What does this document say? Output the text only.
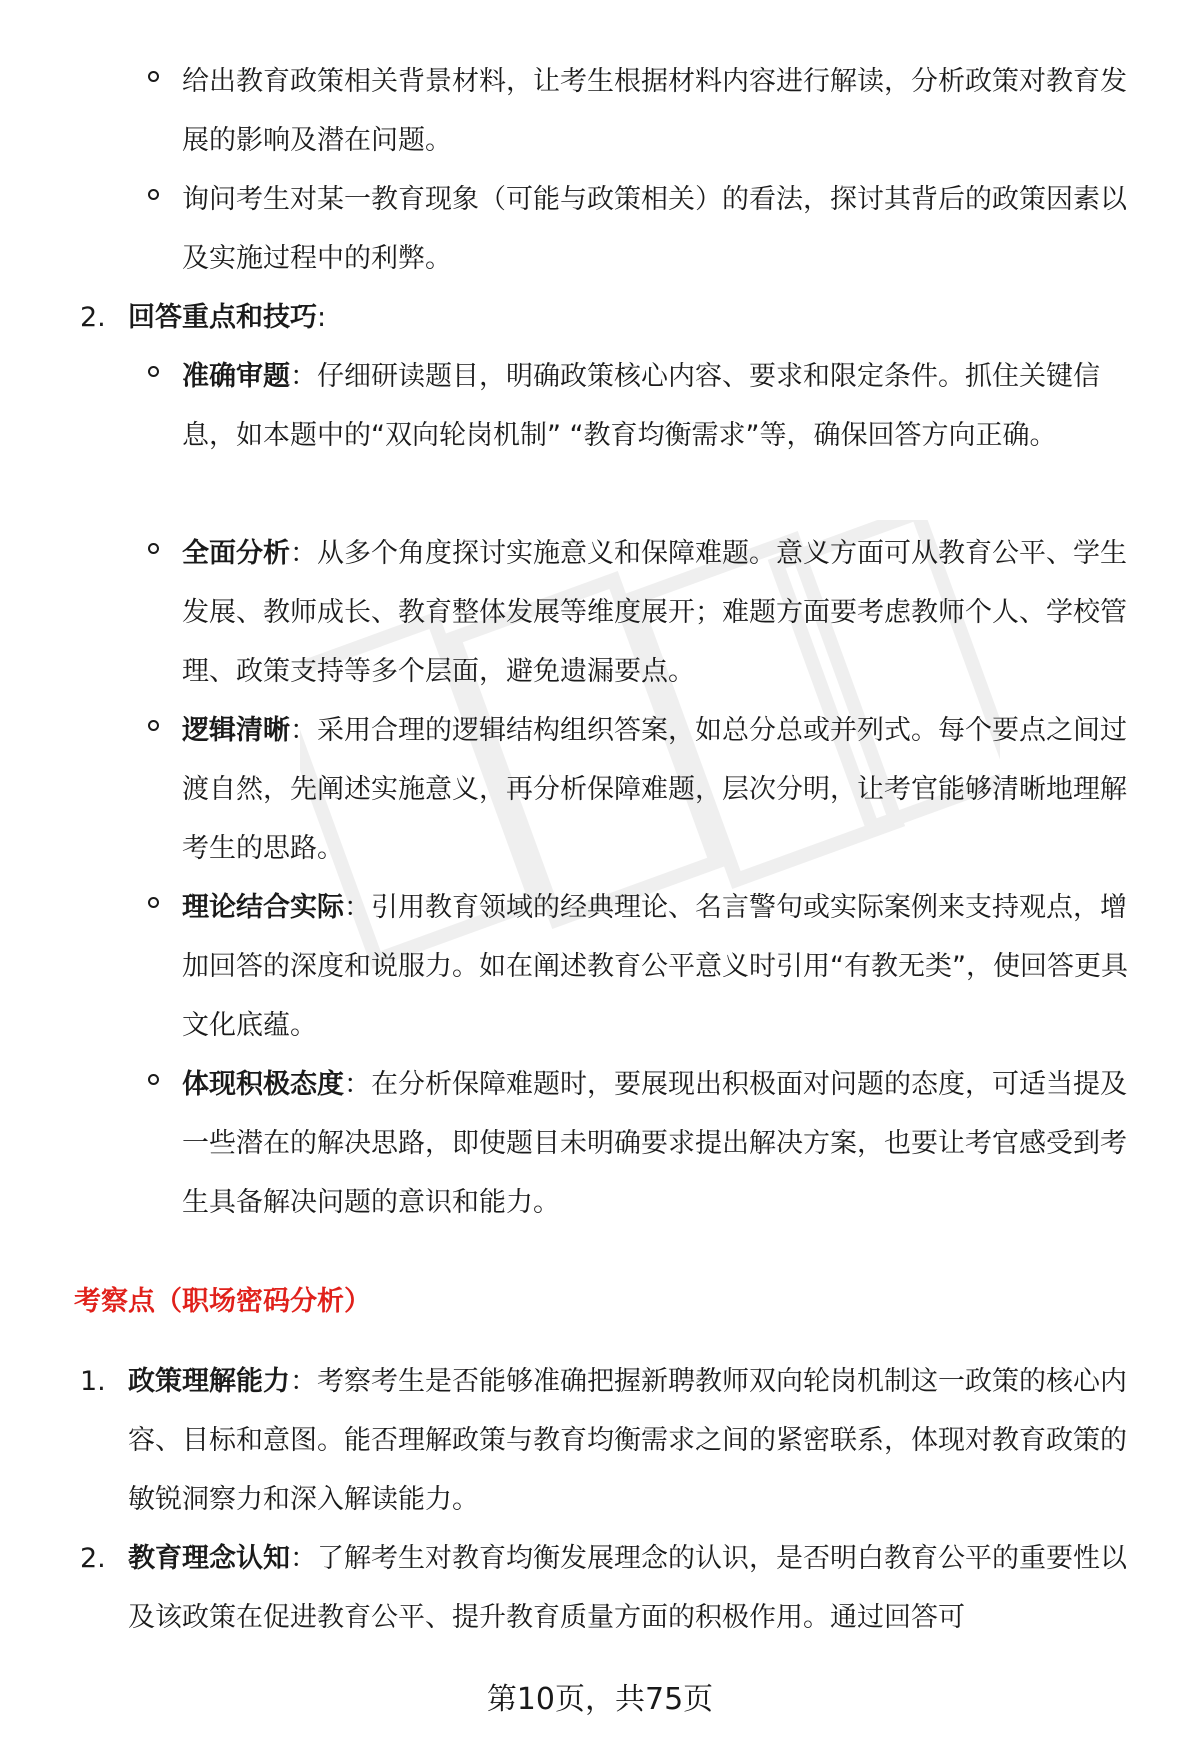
给出教育政策相关背景材料，让考生根据材料内容进行解读，分析政策对教育发展的影响及潜在问题。
询问考生对某一教育现象（可能与政策相关）的看法，探讨其背后的政策因素以及实施过程中的利弊。
2. 回答重点和技巧:
准确审题：仔细研读题目，明确政策核心内容、要求和限定条件。抓住关键信息，如本题中的“双向轮岗机制” “教育均衡需求”等，确保回答方向正确。
全面分析：从多个角度探讨实施意义和保障难题。意义方面可从教育公平、学生发展、教师成长、教育整体发展等维度展开；难题方面要考虑教师个人、学校管理、政策支持等多个层面，避免遗漏要点。
逻辑清晰：采用合理的逻辑结构组织答案，如总分总或并列式。每个要点之间过渡自然，先阐述实施意义，再分析保障难题，层次分明，让考官能够清晰地理解考生的思路。
理论结合实际：引用教育领域的经典理论、名言警句或实际案例来支持观点，增加回答的深度和说服力。如在阐述教育公平意义时引用“有教无类”，使回答更具文化底蕴。
体现积极态度：在分析保障难题时，要展现出积极面对问题的态度，可适当提及一些潜在的解决思路，即使题目未明确要求提出解决方案，也要让考官感受到考生具备解决问题的意识和能力。
考察点（职场密码分析）
1. 政策理解能力：考察考生是否能够准确把握新聘教师双向轮岗机制这一政策的核心内容、目标和意图。能否理解政策与教育均衡需求之间的紧密联系，体现对教育政策的敏锐洞察力和深入解读能力。
2. 教育理念认知：了解考生对教育均衡发展理念的认识，是否明白教育公平的重要性以及该政策在促进教育公平、提升教育质量方面的积极作用。通过回答可
第10页，共75页
